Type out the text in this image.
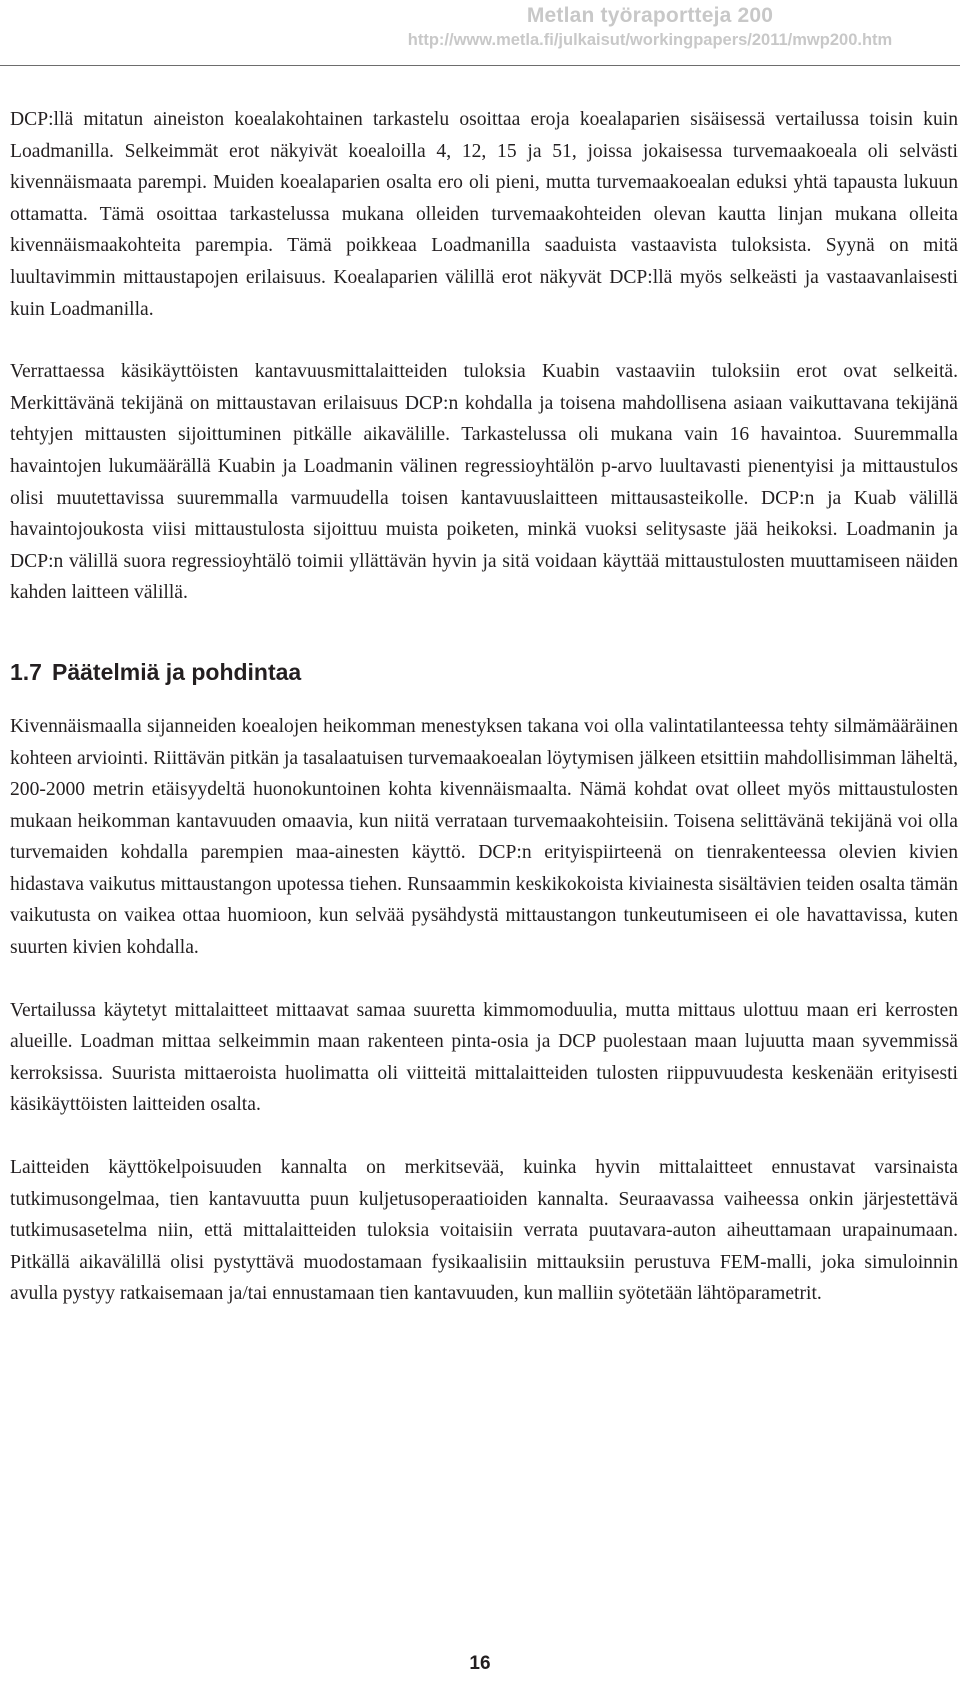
Metlan työraportteja 200
http://www.metla.fi/julkaisut/workingpapers/2011/mwp200.htm

DCP:llä mitatun aineiston koealakohtainen tarkastelu osoittaa eroja koealaparien sisäisessä vertailussa toisin kuin Loadmanilla. Selkeimmät erot näkyivät koealoilla 4, 12, 15 ja 51, joissa jokaisessa turvemaakoeala oli selvästi kivennäismaata parempi. Muiden koealaparien osalta ero oli pieni, mutta turvemaakoealan eduksi yhtä tapausta lukuun ottamatta. Tämä osoittaa tarkastelussa mukana olleiden turvemaakohteiden olevan kautta linjan mukana olleita kivennäismaakohteita parempia. Tämä poikkeaa Loadmanilla saaduista vastaavista tuloksista. Syynä on mitä luultavimmin mittaustapojen erilaisuus. Koealaparien välillä erot näkyvät DCP:llä myös selkeästi ja vastaavanlaisesti kuin Loadmanilla.

Verrattaessa käsikäyttöisten kantavuusmittalaitteiden tuloksia Kuabin vastaaviin tuloksiin erot ovat selkeitä. Merkittävänä tekijänä on mittaustavan erilaisuus DCP:n kohdalla ja toisena mahdollisena asiaan vaikuttavana tekijänä tehtyjen mittausten sijoittuminen pitkälle aikavälille. Tarkastelussa oli mukana vain 16 havaintoa. Suuremmalla havaintojen lukumäärällä Kuabin ja Loadmanin välinen regressioyhtälön p-arvo luultavasti pienentyisi ja mittaustulos olisi muutettavissa suuremmalla varmuudella toisen kantavuuslaitteen mittausasteikolle. DCP:n ja Kuab välillä havaintojoukosta viisi mittaustulosta sijoittuu muista poiketen, minkä vuoksi selitysaste jää heikoksi. Loadmanin ja DCP:n välillä suora regressioyhtälö toimii yllättävän hyvin ja sitä voidaan käyttää mittaustulosten muuttamiseen näiden kahden laitteen välillä.

1.7 Päätelmiä ja pohdintaa

Kivennäismaalla sijanneiden koealojen heikomman menestyksen takana voi olla valintatilanteessa tehty silmämääräinen kohteen arviointi. Riittävän pitkän ja tasalaatuisen turvemaakoealan löytymisen jälkeen etsittiin mahdollisimman läheltä, 200-2000 metrin etäisyydeltä huonokuntoinen kohta kivennäismaalta. Nämä kohdat ovat olleet myös mittaustulosten mukaan heikomman kantavuuden omaavia, kun niitä verrataan turvemaakohteisiin. Toisena selittävänä tekijänä voi olla turvemaiden kohdalla parempien maa-ainesten käyttö. DCP:n erityispiirteenä on tienrakenteessa olevien kivien hidastava vaikutus mittaustangon upotessa tiehen. Runsaammin keskikokoista kiviainesta sisältävien teiden osalta tämän vaikutusta on vaikea ottaa huomioon, kun selvää pysähdystä mittaustangon tunkeutumiseen ei ole havattavissa, kuten suurten kivien kohdalla.

Vertailussa käytetyt mittalaitteet mittaavat samaa suuretta kimmomoduulia, mutta mittaus ulottuu maan eri kerrosten alueille. Loadman mittaa selkeimmin maan rakenteen pinta-osia ja DCP puolestaan maan lujuutta maan syvemmissä kerroksissa. Suurista mittaeroista huolimatta oli viitteitä mittalaitteiden tulosten riippuvuudesta keskenään erityisesti käsikäyttöisten laitteiden osalta.

Laitteiden käyttökelpoisuuden kannalta on merkitsevää, kuinka hyvin mittalaitteet ennustavat varsinaista tutkimusongelmaa, tien kantavuutta puun kuljetusoperaatioiden kannalta. Seuraavassa vaiheessa onkin järjestettävä tutkimusasetelma niin, että mittalaitteiden tuloksia voitaisiin verrata puutavara-auton aiheuttamaan urapainumaan. Pitkällä aikavälillä olisi pystyttävä muodostamaan fysikaalisiin mittauksiin perustuva FEM-malli, joka simuloinnin avulla pystyy ratkaisemaan ja/tai ennustamaan tien kantavuuden, kun malliin syötetään lähtöparametrit.

16
